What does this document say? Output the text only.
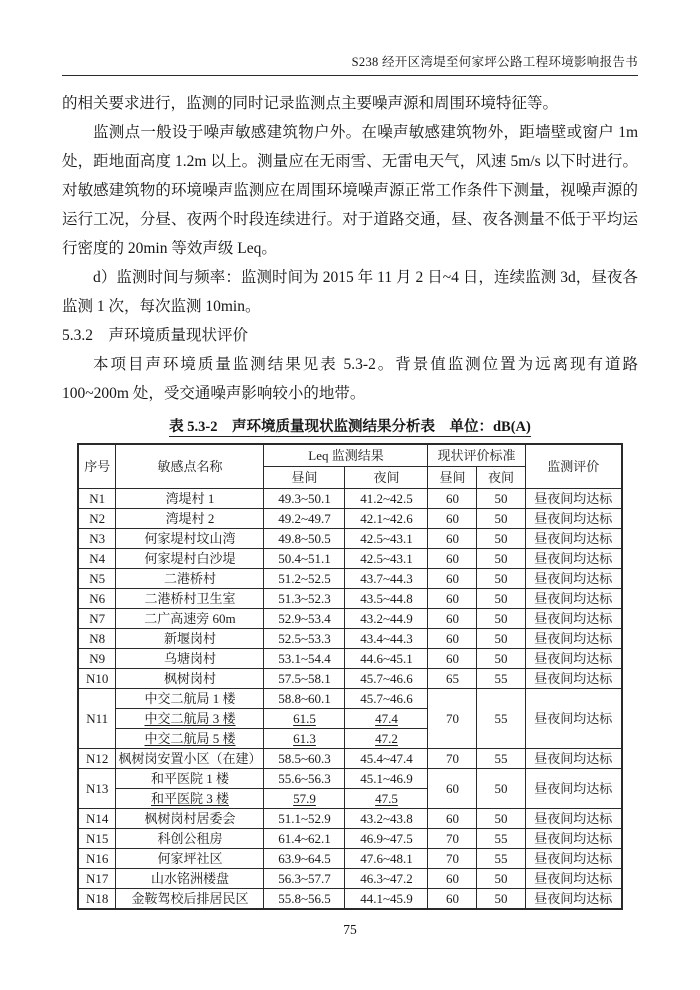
S238 经开区湾堤至何家坪公路工程环境影响报告书

的相关要求进行，监测的同时记录监测点主要噪声源和周围环境特征等。

监测点一般设于噪声敏感建筑物户外。在噪声敏感建筑物外，距墙壁或窗户 1m 处，距地面高度 1.2m 以上。测量应在无雨雪、无雷电天气，风速 5m/s 以下时进行。对敏感建筑物的环境噪声监测应在周围环境噪声源正常工作条件下测量，视噪声源的运行工况，分昼、夜两个时段连续进行。对于道路交通，昼、夜各测量不低于平均运行密度的 20min 等效声级 Leq。

d）监测时间与频率：监测时间为 2015 年 11 月 2 日~4 日，连续监测 3d，昼夜各监测 1 次，每次监测 10min。

5.3.2　声环境质量现状评价

本项目声环境质量监测结果见表 5.3-2。背景值监测位置为远离现有道路 100~200m 处，受交通噪声影响较小的地带。

表 5.3-2　声环境质量现状监测结果分析表　单位：dB(A)
序号	敏感点名称	Leq 监测结果		现状评价标准		监测评价
		昼间	夜间	昼间	夜间	
N1	湾堤村 1	49.3~50.1	41.2~42.5	60	50	昼夜间均达标
N2	湾堤村 2	49.2~49.7	42.1~42.6	60	50	昼夜间均达标
N3	何家堤村坟山湾	49.8~50.5	42.5~43.1	60	50	昼夜间均达标
N4	何家堤村白沙堤	50.4~51.1	42.5~43.1	60	50	昼夜间均达标
N5	二港桥村	51.2~52.5	43.7~44.3	60	50	昼夜间均达标
N6	二港桥村卫生室	51.3~52.3	43.5~44.8	60	50	昼夜间均达标
N7	二广高速旁 60m	52.9~53.4	43.2~44.9	60	50	昼夜间均达标
N8	新堰岗村	52.5~53.3	43.4~44.3	60	50	昼夜间均达标
N9	乌塘岗村	53.1~54.4	44.6~45.1	60	50	昼夜间均达标
N10	枫树岗村	57.5~58.1	45.7~46.6	65	55	昼夜间均达标
N11	中交二航局 1 楼	58.8~60.1	45.7~46.6	70	55	昼夜间均达标
	中交二航局 3 楼	61.5	47.4			
	中交二航局 5 楼	61.3	47.2			
N12	枫树岗安置小区（在建）	58.5~60.3	45.4~47.4	70	55	昼夜间均达标
N13	和平医院 1 楼	55.6~56.3	45.1~46.9	60	50	昼夜间均达标
	和平医院 3 楼	57.9	47.5			
N14	枫树岗村居委会	51.1~52.9	43.2~43.8	60	50	昼夜间均达标
N15	科创公租房	61.4~62.1	46.9~47.5	70	55	昼夜间均达标
N16	何家坪社区	63.9~64.5	47.6~48.1	70	55	昼夜间均达标
N17	山水铭洲楼盘	56.3~57.7	46.3~47.2	60	50	昼夜间均达标
N18	金鞍驾校后排居民区	55.8~56.5	44.1~45.9	60	50	昼夜间均达标
75
